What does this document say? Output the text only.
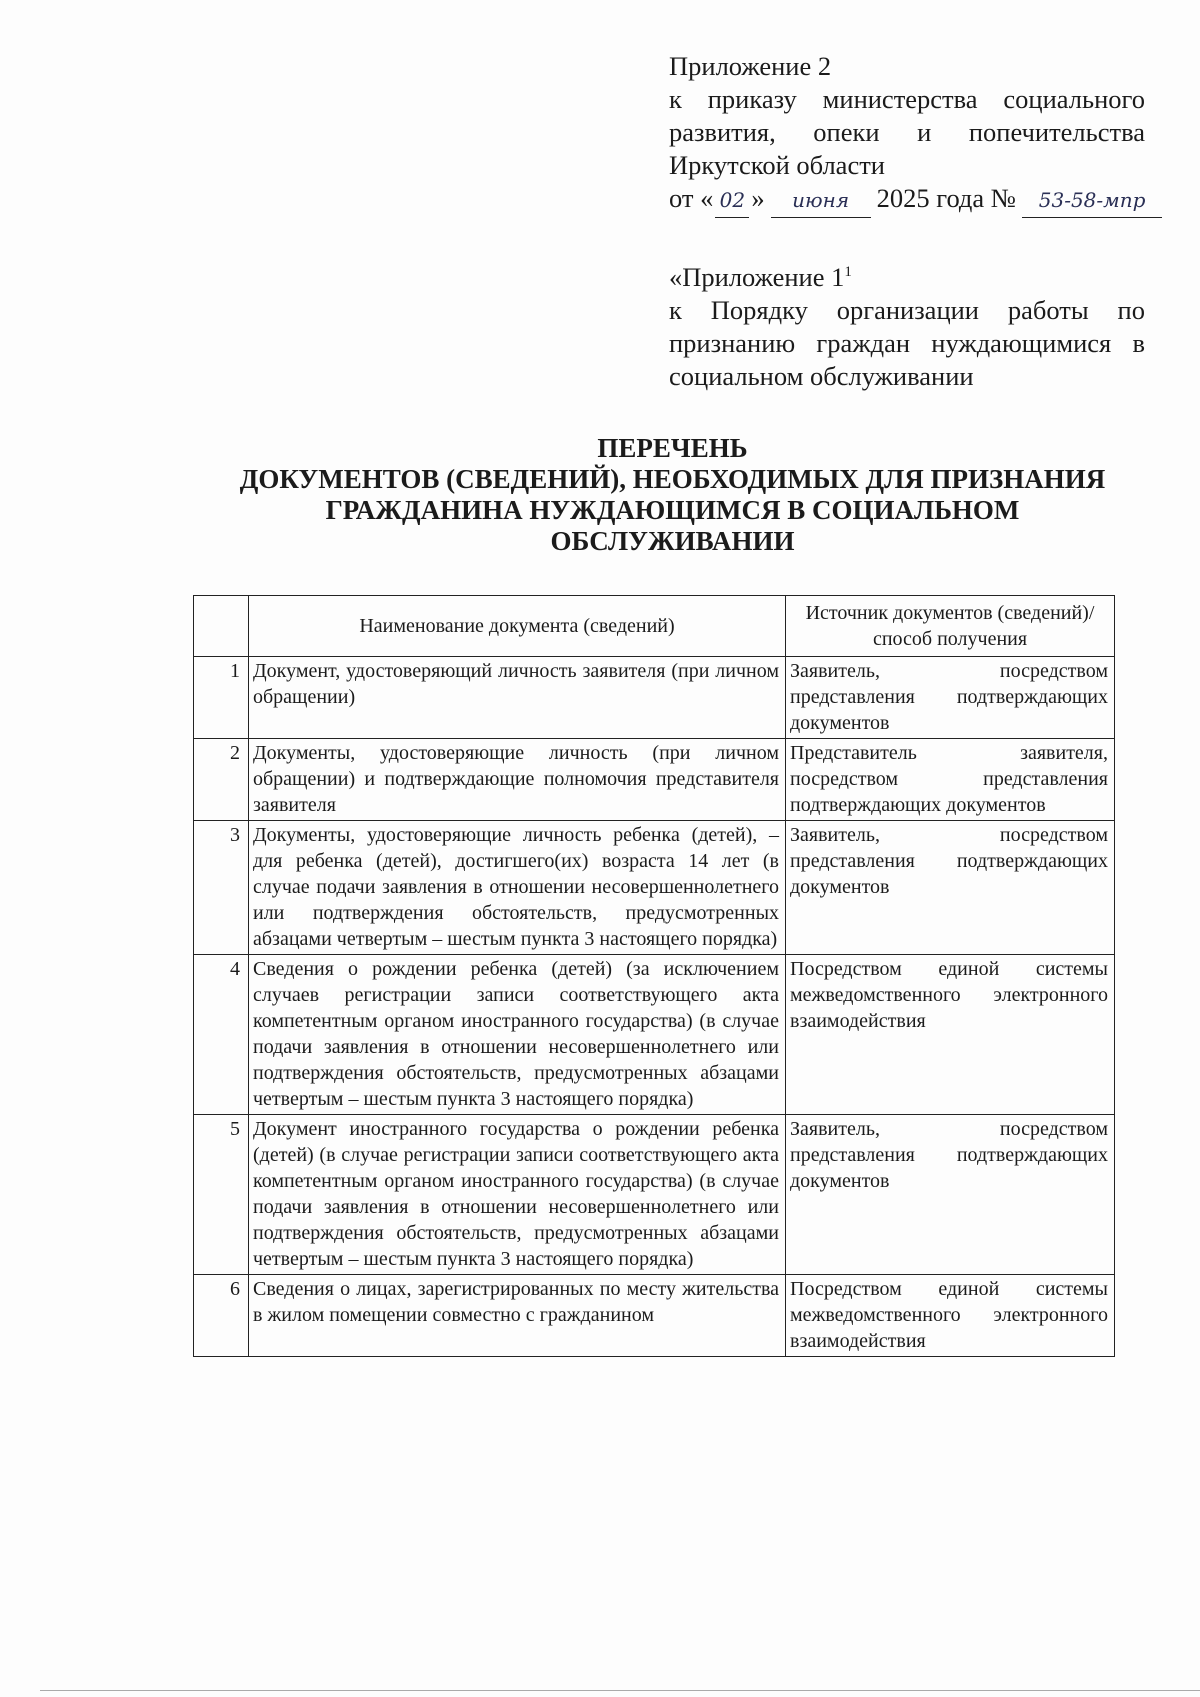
Приложение 2
к приказу министерства социального
развития, опеки и попечительства
Иркутской области
от « 02 » июня 2025 года № 53-58-мпр
«Приложение $1^1$
к Порядку организации работы по
признанию граждан нуждающимися в
социальном обслуживании
ПЕРЕЧЕНЬ
ДОКУМЕНТОВ (СВЕДЕНИЙ), НЕОБХОДИМЫХ ДЛЯ ПРИЗНАНИЯ
ГРАЖДАНИНА НУЖДАЮЩИМСЯ В СОЦИАЛЬНОМ
ОБСЛУЖИВАНИИ
	Наименование документа (сведений)	Источник документов (сведений)/способ получения
1	Документ, удостоверяющий личность заявителя (при личном обращении)	Заявитель, посредством представления подтверждающих документов
2	Документы, удостоверяющие личность (при личном обращении) и подтверждающие полномочия представителя заявителя	Представитель заявителя, посредством представления подтверждающих документов
3	Документы, удостоверяющие личность ребенка (детей), – для ребенка (детей), достигшего(их) возраста 14 лет (в случае подачи заявления в отношении несовершеннолетнего или подтверждения обстоятельств, предусмотренных абзацами четвертым – шестым пункта 3 настоящего порядка)	Заявитель, посредством представления подтверждающих документов
4	Сведения о рождении ребенка (детей) (за исключением случаев регистрации записи соответствующего акта компетентным органом иностранного государства) (в случае подачи заявления в отношении несовершеннолетнего или подтверждения обстоятельств, предусмотренных абзацами четвертым – шестым пункта 3 настоящего порядка)	Посредством единой системы межведомственного электронного взаимодействия
5	Документ иностранного государства о рождении ребенка (детей) (в случае регистрации записи соответствующего акта компетентным органом иностранного государства) (в случае подачи заявления в отношении несовершеннолетнего или подтверждения обстоятельств, предусмотренных абзацами четвертым – шестым пункта 3 настоящего порядка)	Заявитель, посредством представления подтверждающих документов
6	Сведения о лицах, зарегистрированных по месту жительства в жилом помещении совместно с гражданином	Посредством единой системы межведомственного электронного взаимодействия
